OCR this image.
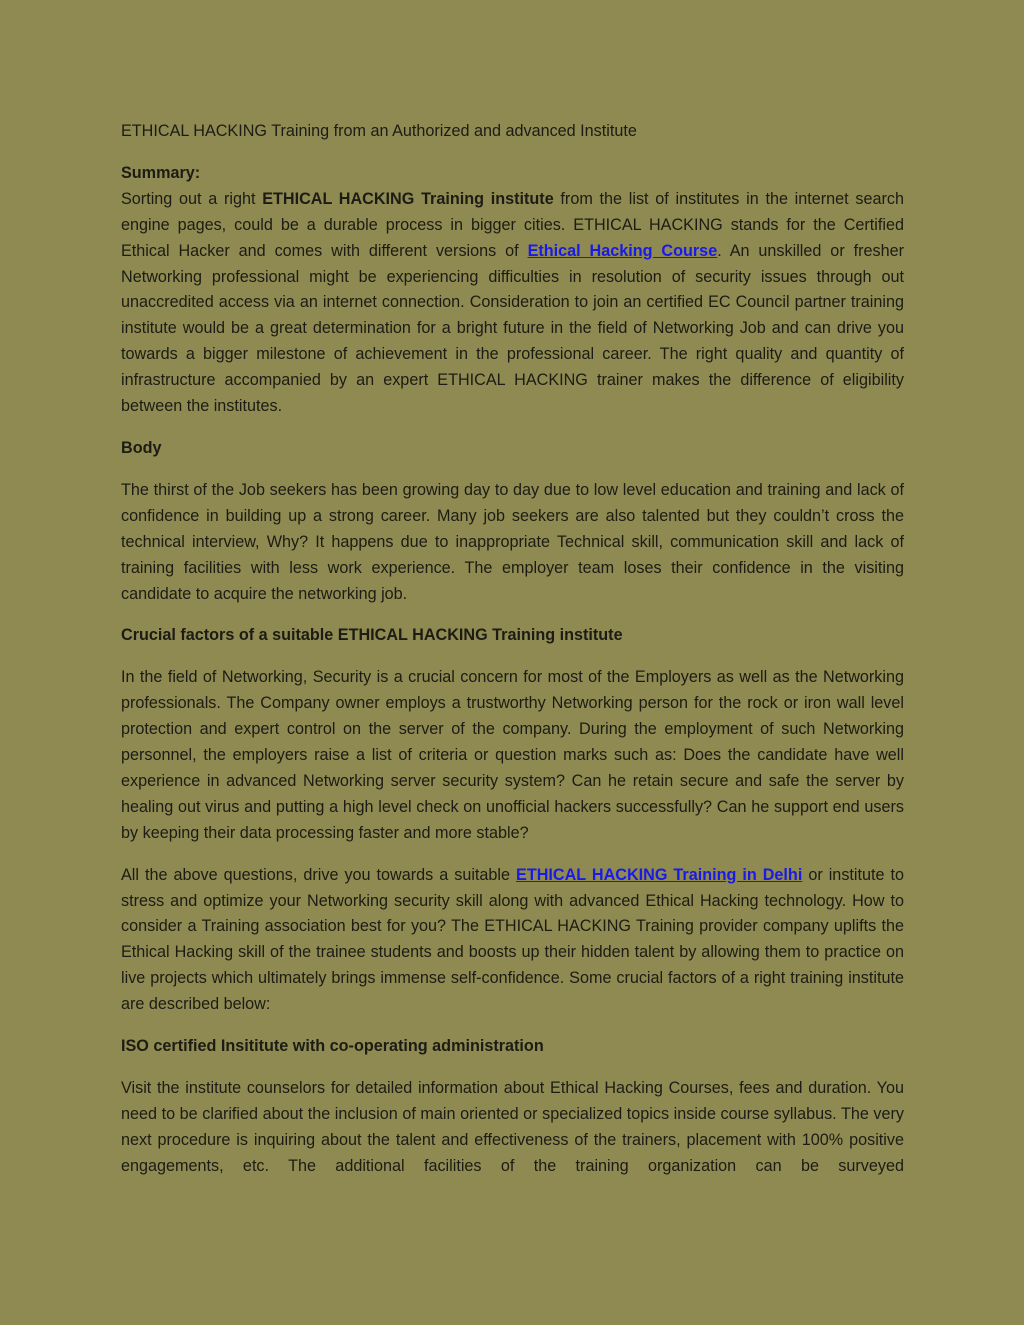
ETHICAL HACKING Training from an Authorized and advanced Institute
Summary:

Sorting out a right ETHICAL HACKING Training institute from the list of institutes in the internet search engine pages, could be a durable process in bigger cities. ETHICAL HACKING stands for the Certified Ethical Hacker and comes with different versions of Ethical Hacking Course. An unskilled or fresher Networking professional might be experiencing difficulties in resolution of security issues through out unaccredited access via an internet connection. Consideration to join an certified EC Council partner training institute would be a great determination for a bright future in the field of Networking Job and can drive you towards a bigger milestone of achievement in the professional career. The right quality and quantity of infrastructure accompanied by an expert ETHICAL HACKING trainer makes the difference of eligibility between the institutes.

Body

The thirst of the Job seekers has been growing day to day due to low level education and training and lack of confidence in building up a strong career. Many job seekers are also talented but they couldn’t cross the technical interview, Why? It happens due to inappropriate Technical skill, communication skill and lack of training facilities with less work experience. The employer team loses their confidence in the visiting candidate to acquire the networking job.

Crucial factors of a suitable ETHICAL HACKING Training institute

In the field of Networking, Security is a crucial concern for most of the Employers as well as the Networking professionals. The Company owner employs a trustworthy Networking person for the rock or iron wall level protection and expert control on the server of the company. During the employment of such Networking personnel, the employers raise a list of criteria or question marks such as: Does the candidate have well experience in advanced Networking server security system? Can he retain secure and safe the server by healing out virus and putting a high level check on unofficial hackers successfully? Can he support end users by keeping their data processing faster and more stable?

All the above questions, drive you towards a suitable ETHICAL HACKING Training in Delhi or institute to stress and optimize your Networking security skill along with advanced Ethical Hacking technology. How to consider a Training association best for you? The ETHICAL HACKING Training provider company uplifts the Ethical Hacking skill of the trainee students and boosts up their hidden talent by allowing them to practice on live projects which ultimately brings immense self-confidence. Some crucial factors of a right training institute are described below:

ISO certified Insititute with co-operating administration

Visit the institute counselors for detailed information about Ethical Hacking Courses, fees and duration. You need to be clarified about the inclusion of main oriented or specialized topics inside course syllabus. The very next procedure is inquiring about the talent and effectiveness of the trainers, placement with 100% positive engagements, etc. The additional facilities of the training organization can be surveyed
